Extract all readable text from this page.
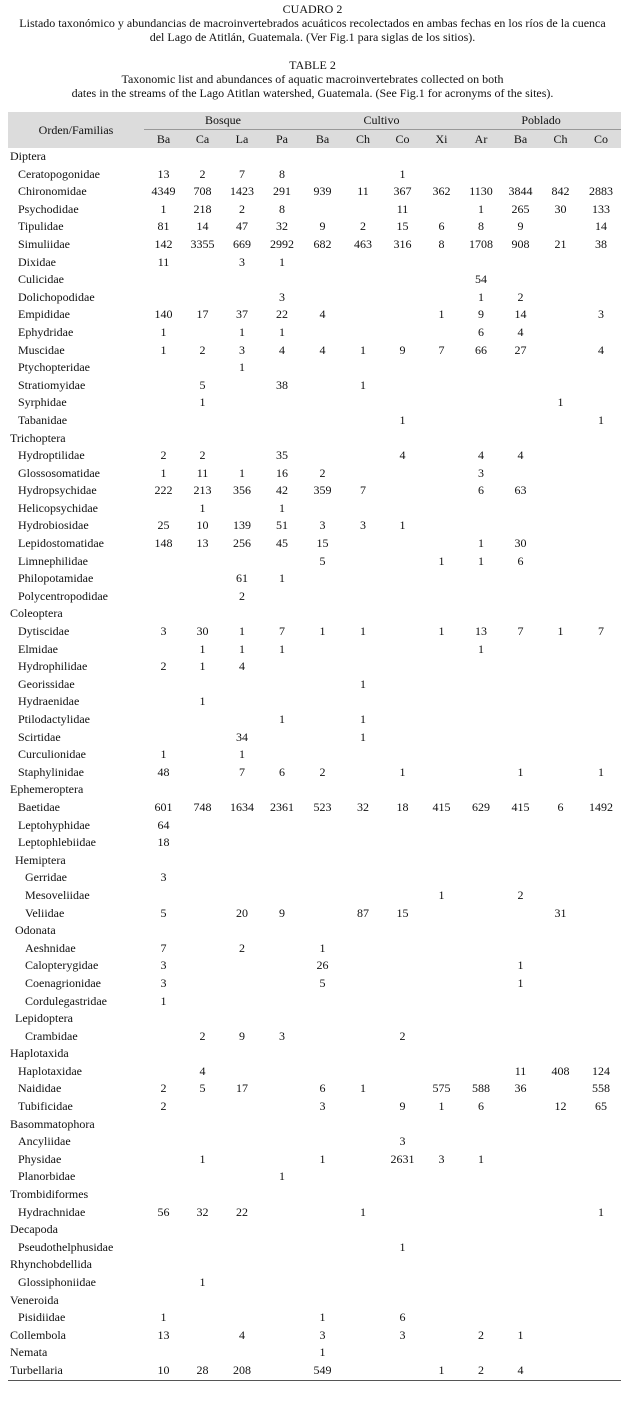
CUADRO 2
Listado taxonómico y abundancias de macroinvertebrados acuáticos recolectados en ambas fechas en los ríos de la cuenca
del Lago de Atitlán, Guatemala. (Ver Fig.1 para siglas de los sitios).
TABLE 2
Taxonomic list and abundances of aquatic macroinvertebrates collected on both
dates in the streams of the Lago Atitlan watershed, Guatemala. (See Fig.1 for acronyms of the sites).
Orden/Familias	Bosque				Cultivo				Poblado			
	Ba	Ca	La	Pa	Ba	Ch	Co	Xi	Ar	Ba	Ch	Co
Diptera												
Ceratopogonidae	13	2	7	8			1					
Chironomidae	4349	708	1423	291	939	11	367	362	1130	3844	842	2883
Psychodidae	1	218	2	8			11		1	265	30	133
Tipulidae	81	14	47	32	9	2	15	6	8	9		14
Simuliidae	142	3355	669	2992	682	463	316	8	1708	908	21	38
Dixidae	11		3	1								
Culicidae									54			
Dolichopodidae				3					1	2		
Empididae	140	17	37	22	4			1	9	14		3
Ephydridae	1		1	1					6	4		
Muscidae	1	2	3	4	4	1	9	7	66	27		4
Ptychopteridae			1									
Stratiomyidae		5		38		1						
Syrphidae		1									1	
Tabanidae							1					1
Trichoptera												
Hydroptilidae	2	2		35			4		4	4		
Glossosomatidae	1	11	1	16	2				3			
Hydropsychidae	222	213	356	42	359	7			6	63		
Helicopsychidae		1		1								
Hydrobiosidae	25	10	139	51	3	3	1					
Lepidostomatidae	148	13	256	45	15				1	30		
Limnephilidae					5			1	1	6		
Philopotamidae			61	1								
Polycentropodidae			2									
Coleoptera												
Dytiscidae	3	30	1	7	1	1		1	13	7	1	7
Elmidae		1	1	1					1			
Hydrophilidae	2	1	4									
Georissidae						1						
Hydraenidae		1										
Ptilodactylidae				1		1						
Scirtidae			34			1						
Curculionidae	1		1									
Staphylinidae	48		7	6	2		1			1		1
Ephemeroptera												
Baetidae	601	748	1634	2361	523	32	18	415	629	415	6	1492
Leptohyphidae	64											
Leptophlebiidae	18											
Hemiptera												
Gerridae	3											
Mesoveliidae								1		2		
Veliidae	5		20	9		87	15				31	
Odonata												
Aeshnidae	7		2		1							
Calopterygidae	3				26					1		
Coenagrionidae	3				5					1		
Cordulegastridae	1											
Lepidoptera												
Crambidae		2	9	3			2					
Haplotaxida												
Haplotaxidae		4								11	408	124
Naididae	2	5	17		6	1		575	588	36		558
Tubificidae	2				3		9	1	6		12	65
Basommatophora												
Ancyliidae							3					
Physidae		1			1		2631	3	1			
Planorbidae				1								
Trombidiformes												
Hydrachnidae	56	32	22			1						1
Decapoda												
Pseudothelphusidae							1					
Rhynchobdellida												
Glossiphoniidae		1										
Veneroida												
Pisidiidae	1				1		6					
Collembola	13		4		3		3		2	1		
Nemata					1							
Turbellaria	10	28	208		549			1	2	4		
